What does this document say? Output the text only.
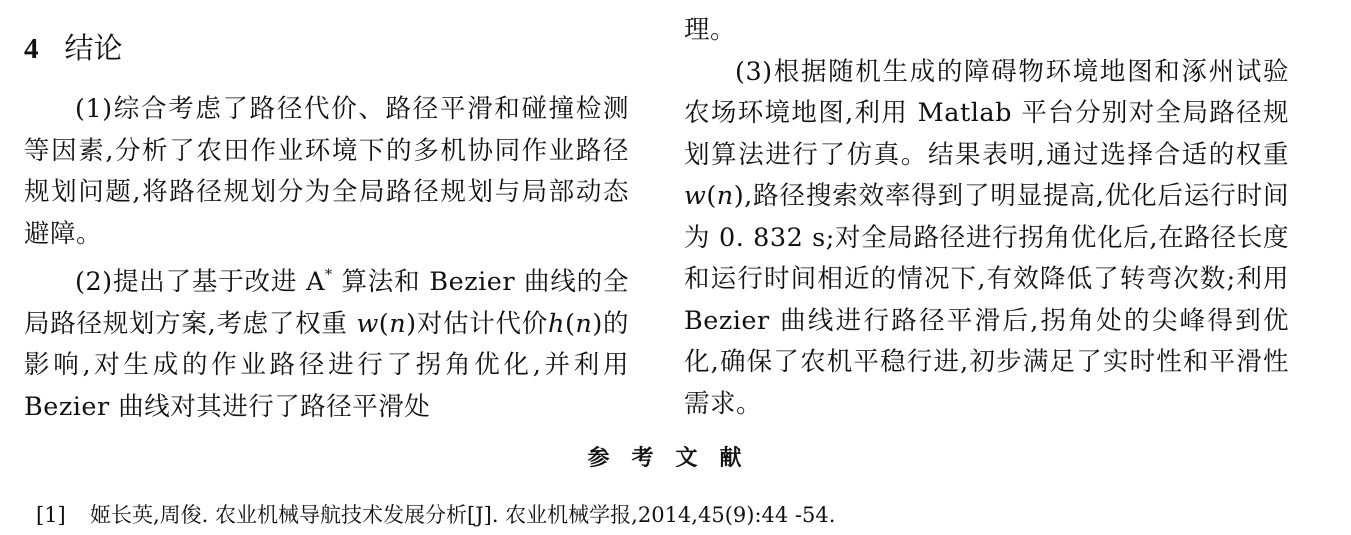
4 结论

(1)综合考虑了路径代价、路径平滑和碰撞检测等因素,分析了农田作业环境下的多机协同作业路径规划问题,将路径规划分为全局路径规划与局部动态避障。

(2)提出了基于改进 A* 算法和 Bezier 曲线的全局路径规划方案,考虑了权重 w(n)对估计代价h(n)的影响,对生成的作业路径进行了拐角优化,并利用 Bezier 曲线对其进行了路径平滑处

理。

(3)根据随机生成的障碍物环境地图和涿州试验农场环境地图,利用 Matlab 平台分别对全局路径规划算法进行了仿真。结果表明,通过选择合适的权重 w(n),路径搜索效率得到了明显提高,优化后运行时间为 0. 832 s;对全局路径进行拐角优化后,在路径长度和运行时间相近的情况下,有效降低了转弯次数;利用 Bezier 曲线进行路径平滑后,拐角处的尖峰得到优化,确保了农机平稳行进,初步满足了实时性和平滑性需求。

参考文献
[1] 姬长英,周俊. 农业机械导航技术发展分析[J]. 农业机械学报,2014,45(9):44 -54.
